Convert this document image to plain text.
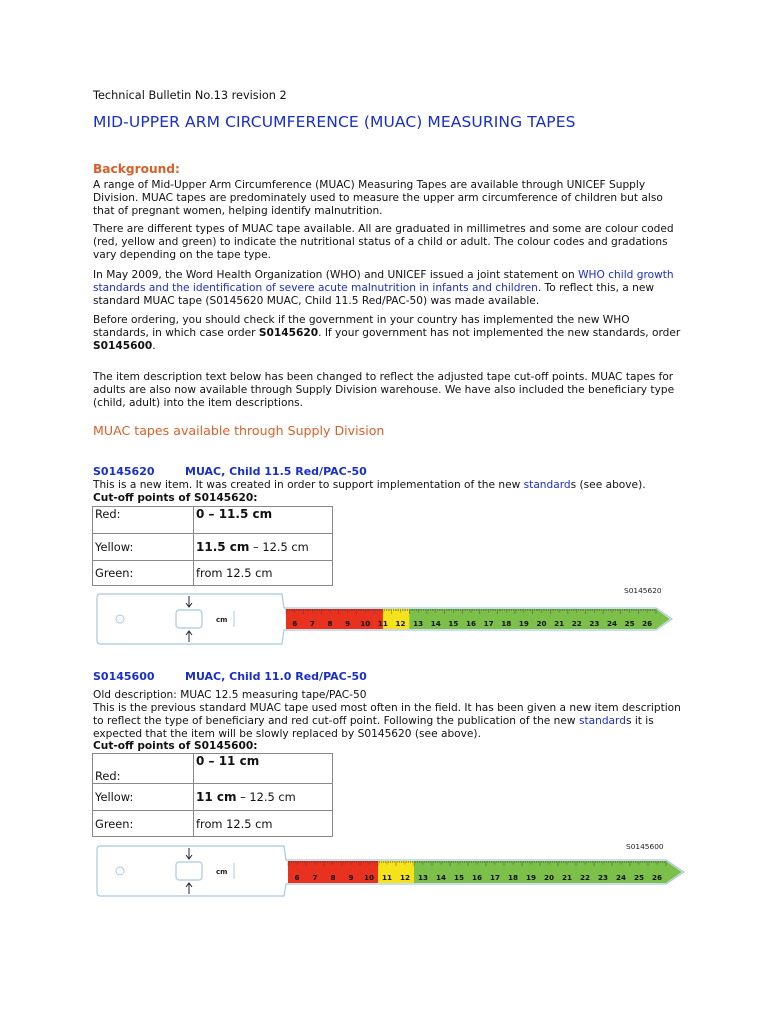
Technical Bulletin No.13 revision 2
MID-UPPER ARM CIRCUMFERENCE (MUAC) MEASURING TAPES
Background:
A range of Mid-Upper Arm Circumference (MUAC) Measuring Tapes are available through UNICEF Supply Division. MUAC tapes are predominately used to measure the upper arm circumference of children but also that of pregnant women, helping identify malnutrition.
There are different types of MUAC tape available. All are graduated in millimetres and some are colour coded (red, yellow and green) to indicate the nutritional status of a child or adult. The colour codes and gradations vary depending on the tape type.
In May 2009, the Word Health Organization (WHO) and UNICEF issued a joint statement on WHO child growth standards and the identification of severe acute malnutrition in infants and children. To reflect this, a new standard MUAC tape (S0145620 MUAC, Child 11.5 Red/PAC-50) was made available.
Before ordering, you should check if the government in your country has implemented the new WHO standards, in which case order S0145620. If your government has not implemented the new standards, order S0145600.
The item description text below has been changed to reflect the adjusted tape cut-off points. MUAC tapes for adults are also now available through Supply Division warehouse. We have also included the beneficiary type (child, adult) into the item descriptions.
MUAC tapes available through Supply Division
S0145620	MUAC, Child 11.5 Red/PAC-50
This is a new item. It was created in order to support implementation of the new standards (see above).
Cut-off points of S0145620:
Red:	0 – 11.5 cm
Yellow:	11.5 cm – 12.5 cm
Green:	from 12.5 cm
S0145620
cm	6 7 8 9 10 11 12 13 14 15 16 17 18 19 20 21 22 23 24 25 26
S0145600	MUAC, Child 11.0 Red/PAC-50
Old description: MUAC 12.5 measuring tape/PAC-50
This is the previous standard MUAC tape used most often in the field. It has been given a new item description to reflect the type of beneficiary and red cut-off point. Following the publication of the new standards it is expected that the item will be slowly replaced by S0145620 (see above).
Cut-off points of S0145600:
Red:	0 – 11 cm
Yellow:	11 cm – 12.5 cm
Green:	from 12.5 cm
S0145600
cm
6 7 8 9 10 11 12 13 14 15 16 17 18 19 20 21 22 23 24 25 26
